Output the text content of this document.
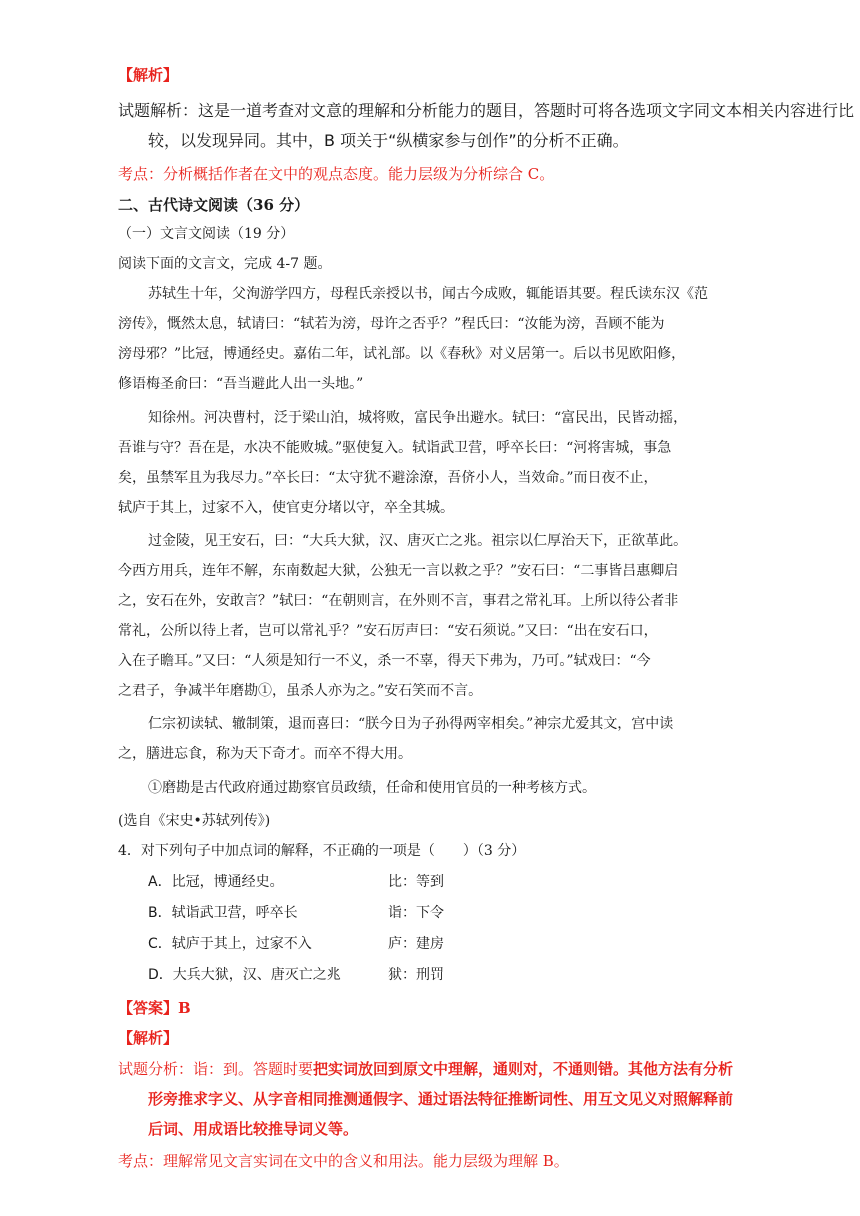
【解析】
试题解析：这是一道考查对文意的理解和分析能力的题目，答题时可将各选项文字同文本相关内容进行比
较，以发现异同。其中，B 项关于“纵横家参与创作”的分析不正确。
考点：分析概括作者在文中的观点态度。能力层级为分析综合 C。
二、古代诗文阅读（36 分）
（一）文言文阅读（19 分）
阅读下面的文言文，完成 4-7 题。
苏轼生十年，父洵游学四方，母程氏亲授以书，闻古今成败，辄能语其要。程氏读东汉《范
滂传》，慨然太息，轼请曰：“轼若为滂，母许之否乎？”程氏曰：“汝能为滂，吾顾不能为
滂母邪？”比冠，博通经史。嘉佑二年，试礼部。以《春秋》对义居第一。后以书见欧阳修，
修语梅圣俞曰：“吾当避此人出一头地。”
知徐州。河决曹村，泛于梁山泊，城将败，富民争出避水。轼曰：“富民出，民皆动摇，
吾谁与守？吾在是，水决不能败城。”驱使复入。轼诣武卫营，呼卒长曰：“河将害城，事急
矣，虽禁军且为我尽力。”卒长曰：“太守犹不避涂潦，吾侪小人，当效命。”而日夜不止，
轼庐于其上，过家不入，使官吏分堵以守，卒全其城。
过金陵，见王安石，曰：“大兵大狱，汉、唐灭亡之兆。祖宗以仁厚治天下，正欲革此。
今西方用兵，连年不解，东南数起大狱，公独无一言以救之乎？”安石曰：“二事皆吕惠卿启
之，安石在外，安敢言？”轼曰：“在朝则言，在外则不言，事君之常礼耳。上所以待公者非
常礼，公所以待上者，岂可以常礼乎？”安石厉声曰：“安石须说。”又曰：“出在安石口，
入在子瞻耳。”又曰：“人须是知行一不义，杀一不辜，得天下弗为，乃可。”轼戏曰：“今
之君子，争减半年磨勘①，虽杀人亦为之。”安石笑而不言。
仁宗初读轼、辙制策，退而喜曰：“朕今日为子孙得两宰相矣。”神宗尤爱其文，宫中读
之，膳进忘食，称为天下奇才。而卒不得大用。
①磨勘是古代政府通过勘察官员政绩，任命和使用官员的一种考核方式。
(选自《宋史•苏轼列传》)
4．对下列句子中加点词的解释，不正确的一项是（　　）（3 分）
A．比冠，博通经史。	比：等到
B．轼诣武卫营，呼卒长	诣：下令
C．轼庐于其上，过家不入	庐：建房
D．大兵大狱，汉、唐灭亡之兆	狱：刑罚
【答案】B
【解析】
试题分析：诣：到。答题时要把实词放回到原文中理解，通则对，不通则错。其他方法有分析
形旁推求字义、从字音相同推测通假字、通过语法特征推断词性、用互文见义对照解释前
后词、用成语比较推导词义等。
考点：理解常见文言实词在文中的含义和用法。能力层级为理解 B。
